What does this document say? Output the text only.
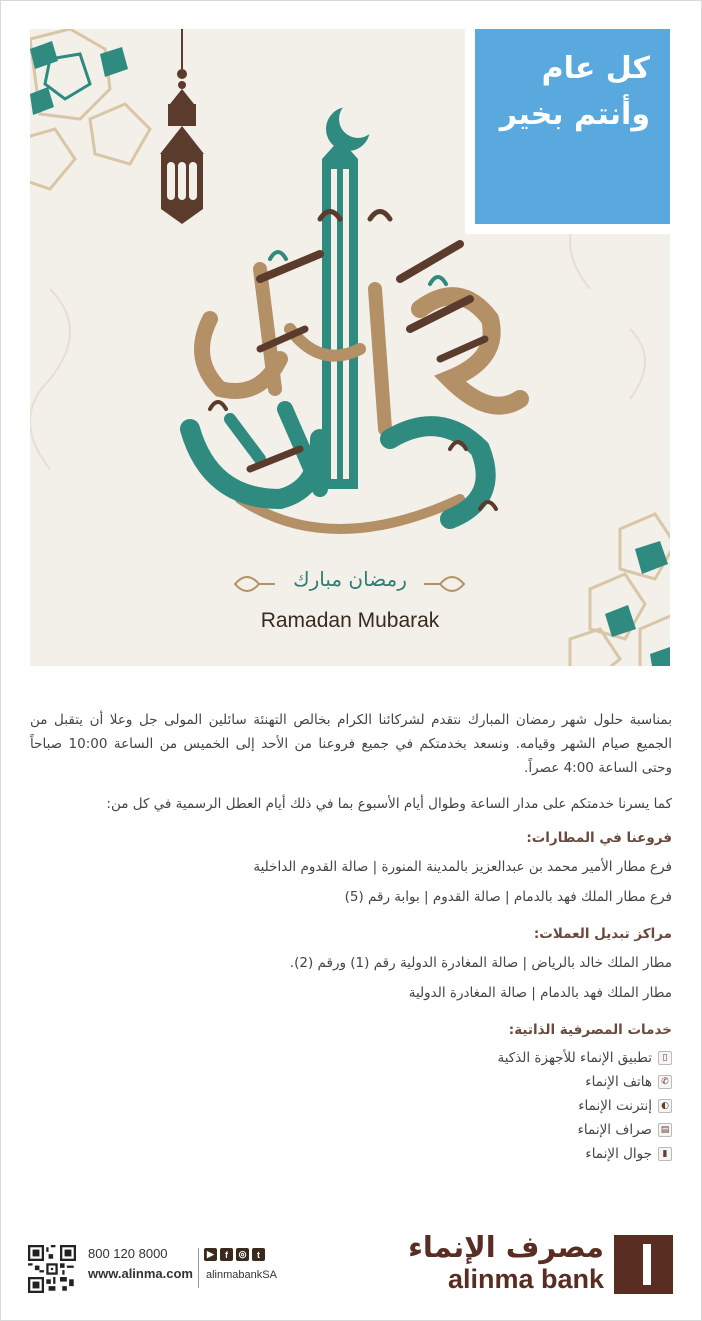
رمضان مبارك
Ramadan Mubarak
كل عام
وأنتم بخير

بمناسبة حلول شهر رمضان المبارك نتقدم لشركائنا الكرام بخالص التهنئة سائلين المولى جل وعلا أن يتقبل من الجميع صيام الشهر وقيامه. ونسعد بخدمتكم في جميع فروعنا من الأحد إلى الخميس من الساعة 10:00 صباحاً وحتى الساعة 4:00 عصراً.

كما يسرنا خدمتكم على مدار الساعة وطوال أيام الأسبوع بما في ذلك أيام العطل الرسمية في كل من:

فروعنا في المطارات:
فرع مطار الأمير محمد بن عبدالعزيز بالمدينة المنورة | صالة القدوم الداخلية
فرع مطار الملك فهد بالدمام | صالة القدوم | بوابة رقم (5)
مراكز تبديل العملات:
مطار الملك خالد بالرياض | صالة المغادرة الدولية رقم (1) ورقم (2).
مطار الملك فهد بالدمام | صالة المغادرة الدولية
خدمات المصرفية الذاتية:
▯
تطبيق الإنماء للأجهزة الذكية
✆
هاتف الإنماء
◐
إنترنت الإنماء
▤
صراف الإنماء
▮
جوال الإنماء
800 120 8000
www.alinma.com
▶	f	◎	t
alinmabankSA
مصرف الإنماء
alinma bank
